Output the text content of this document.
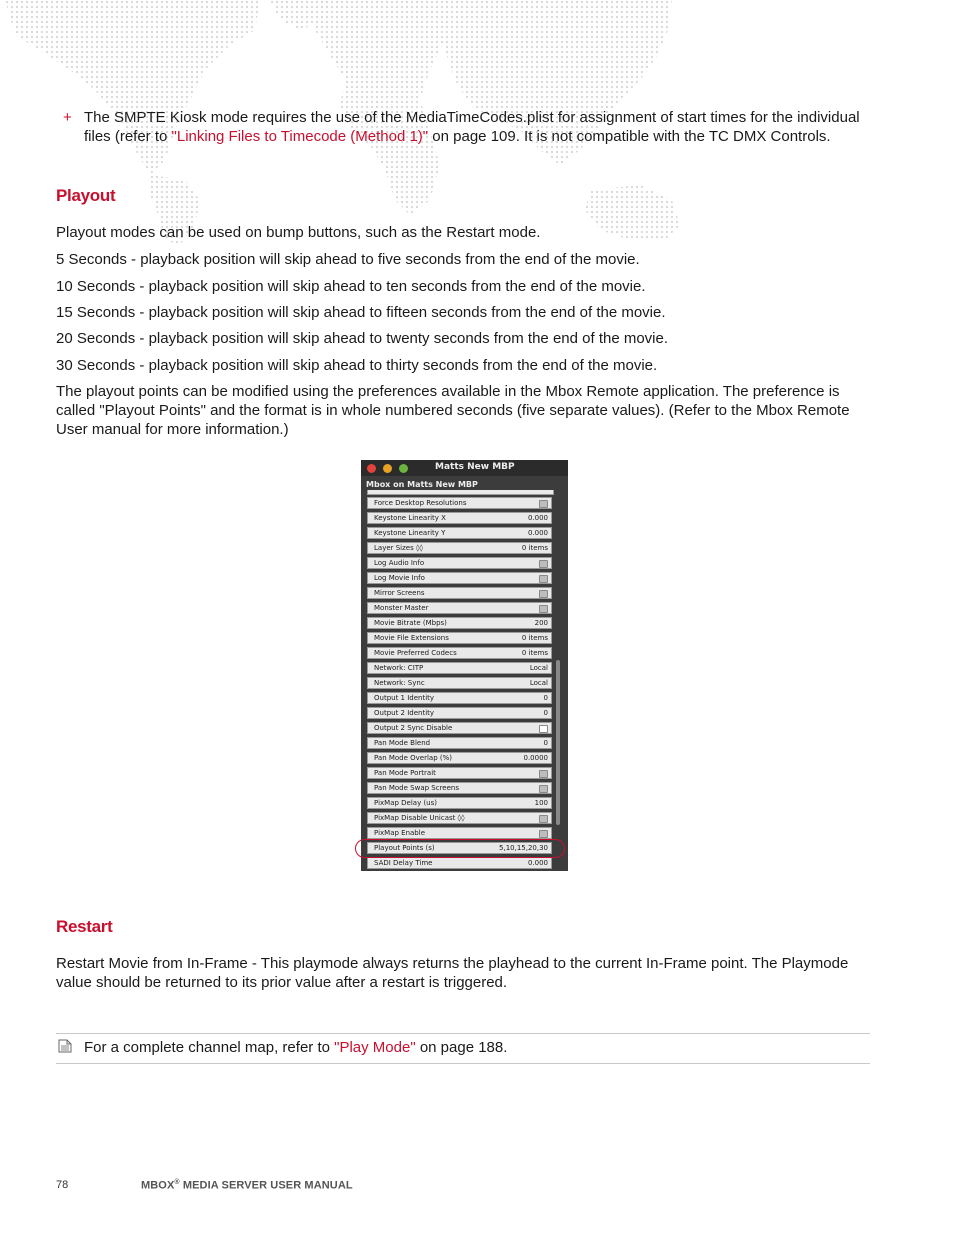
+ The SMPTE Kiosk mode requires the use of the MediaTimeCodes.plist for assignment of start times for the individual files (refer to "Linking Files to Timecode (Method 1)" on page 109. It is not compatible with the TC DMX Controls.

Playout

Playout modes can be used on bump buttons, such as the Restart mode.

5 Seconds - playback position will skip ahead to five seconds from the end of the movie.

10 Seconds - playback position will skip ahead to ten seconds from the end of the movie.

15 Seconds - playback position will skip ahead to fifteen seconds from the end of the movie.

20 Seconds - playback position will skip ahead to twenty seconds from the end of the movie.

30 Seconds - playback position will skip ahead to thirty seconds from the end of the movie.

The playout points can be modified using the preferences available in the Mbox Remote application. The preference is called "Playout Points" and the format is in whole numbered seconds (five separate values). (Refer to the Mbox Remote User manual for more information.)

Matts New MBP
Mbox on Matts New MBP
Force Desktop Resolutions
Keystone Linearity X	0.000
Keystone Linearity Y	0.000
Layer Sizes ◊◊	0 items
Log Audio Info
Log Movie Info
Mirror Screens
Monster Master
Movie Bitrate (Mbps)	200
Movie File Extensions	0 items
Movie Preferred Codecs	0 items
Network: CITP	Local
Network: Sync	Local
Output 1 Identity	0
Output 2 Identity	0
Output 2 Sync Disable
Pan Mode Blend	0
Pan Mode Overlap (%)	0.0000
Pan Mode Portrait
Pan Mode Swap Screens
PixMap Delay (us)	100
PixMap Disable Unicast ◊◊
PixMap Enable
Playout Points (s)	5,10,15,20,30
SADI Delay Time	0.000
Restart

Restart Movie from In-Frame - This playmode always returns the playhead to the current In-Frame point. The Playmode value should be returned to its prior value after a restart is triggered.

For a complete channel map, refer to "Play Mode" on page 188.

78	MBOX® MEDIA SERVER USER MANUAL
